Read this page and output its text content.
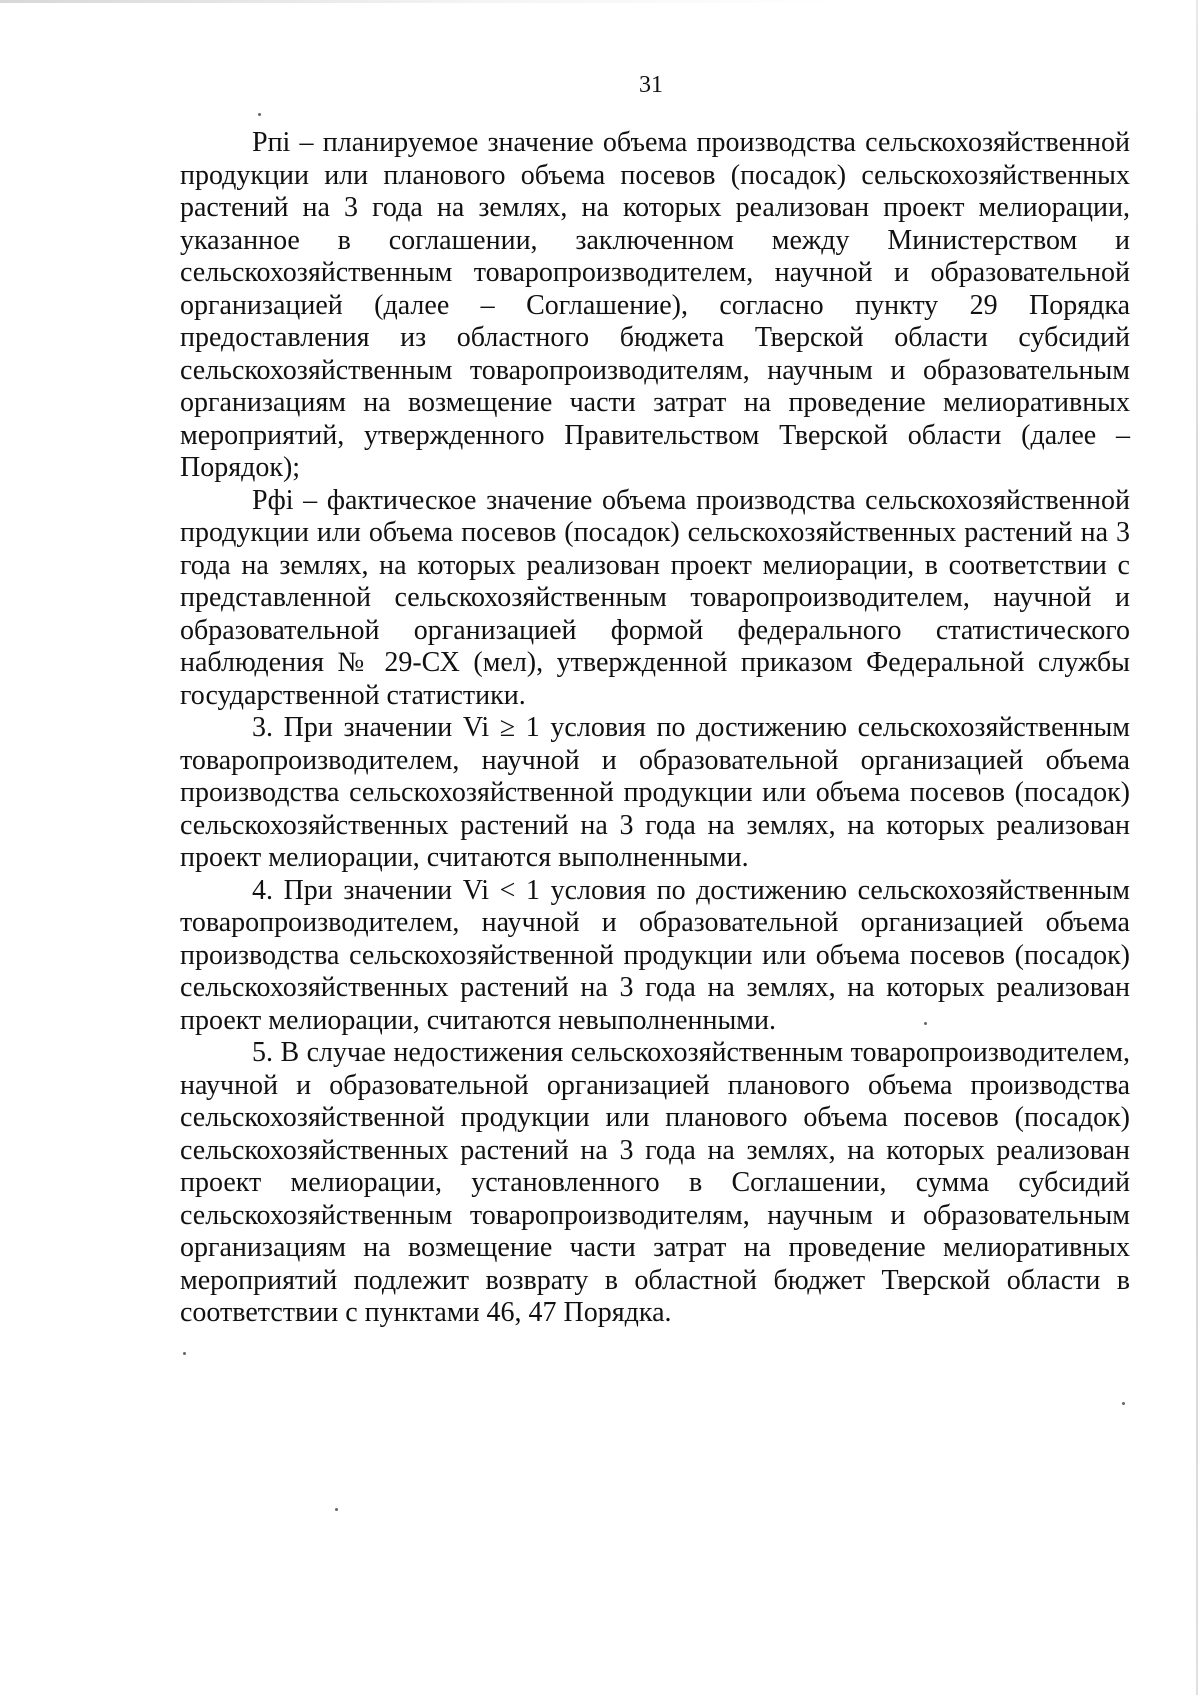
31

Pпi – планируемое значение объема производства сельскохозяйственной продукции или планового объема посевов (посадок) сельскохозяйственных растений на 3 года на землях, на которых реализован проект мелиорации, указанное в соглашении, заключенном между Министерством и сельскохозяйственным товаропроизводителем, научной и образовательной организацией (далее – Соглашение), согласно пункту 29 Порядка предоставления из областного бюджета Тверской области субсидий сельскохозяйственным товаропроизводителям, научным и образовательным организациям на возмещение части затрат на проведение мелиоративных мероприятий, утвержденного Правительством Тверской области (далее – Порядок);

Pфi – фактическое значение объема производства сельскохозяйственной продукции или объема посевов (посадок) сельскохозяйственных растений на 3 года на землях, на которых реализован проект мелиорации, в соответствии с представленной сельскохозяйственным товаропроизводителем, научной и образовательной организацией формой федерального статистического наблюдения № 29-СХ (мел), утвержденной приказом Федеральной службы государственной статистики.

3. При значении Vi ≥ 1 условия по достижению сельскохозяйственным товаропроизводителем, научной и образовательной организацией объема производства сельскохозяйственной продукции или объема посевов (посадок) сельскохозяйственных растений на 3 года на землях, на которых реализован проект мелиорации, считаются выполненными.

4. При значении Vi < 1 условия по достижению сельскохозяйственным товаропроизводителем, научной и образовательной организацией объема производства сельскохозяйственной продукции или объема посевов (посадок) сельскохозяйственных растений на 3 года на землях, на которых реализован проект мелиорации, считаются невыполненными.

5. В случае недостижения сельскохозяйственным товаропроизводителем, научной и образовательной организацией планового объема производства сельскохозяйственной продукции или планового объема посевов (посадок) сельскохозяйственных растений на 3 года на землях, на которых реализован проект мелиорации, установленного в Соглашении, сумма субсидий сельскохозяйственным товаропроизводителям, научным и образовательным организациям на возмещение части затрат на проведение мелиоративных мероприятий подлежит возврату в областной бюджет Тверской области в соответствии с пунктами 46, 47 Порядка.
